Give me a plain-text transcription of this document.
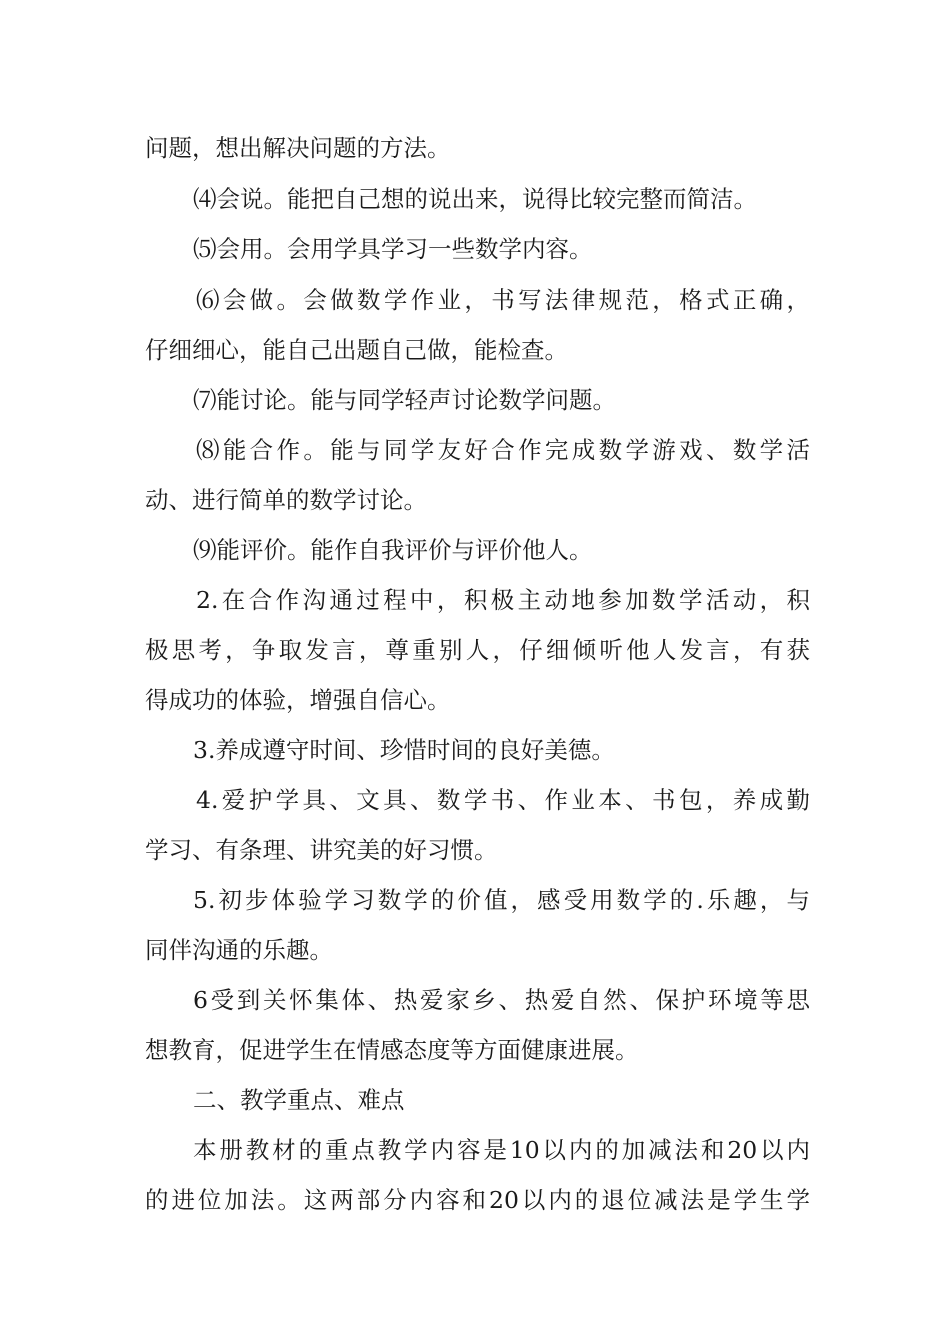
问题，想出解决问题的方法。
⑷会说。能把自己想的说出来，说得比较完整而简洁。
⑸会用。会用学具学习一些数学内容。
⑹会做。会做数学作业，书写法律规范，格式正确，
仔细细心，能自己出题自己做，能检查。
⑺能讨论。能与同学轻声讨论数学问题。
⑻能合作。能与同学友好合作完成数学游戏、数学活
动、进行简单的数学讨论。
⑼能评价。能作自我评价与评价他人。
2.在合作沟通过程中，积极主动地参加数学活动，积
极思考，争取发言，尊重别人，仔细倾听他人发言，有获
得成功的体验，增强自信心。
3.养成遵守时间、珍惜时间的良好美德。
4.爱护学具、文具、数学书、作业本、书包，养成勤
学习、有条理、讲究美的好习惯。
5.初步体验学习数学的价值，感受用数学的.乐趣，与
同伴沟通的乐趣。
6受到关怀集体、热爱家乡、热爱自然、保护环境等思
想教育，促进学生在情感态度等方面健康进展。
二、教学重点、难点
本册教材的重点教学内容是10以内的加减法和20以内
的进位加法。这两部分内容和20以内的退位减法是学生学
